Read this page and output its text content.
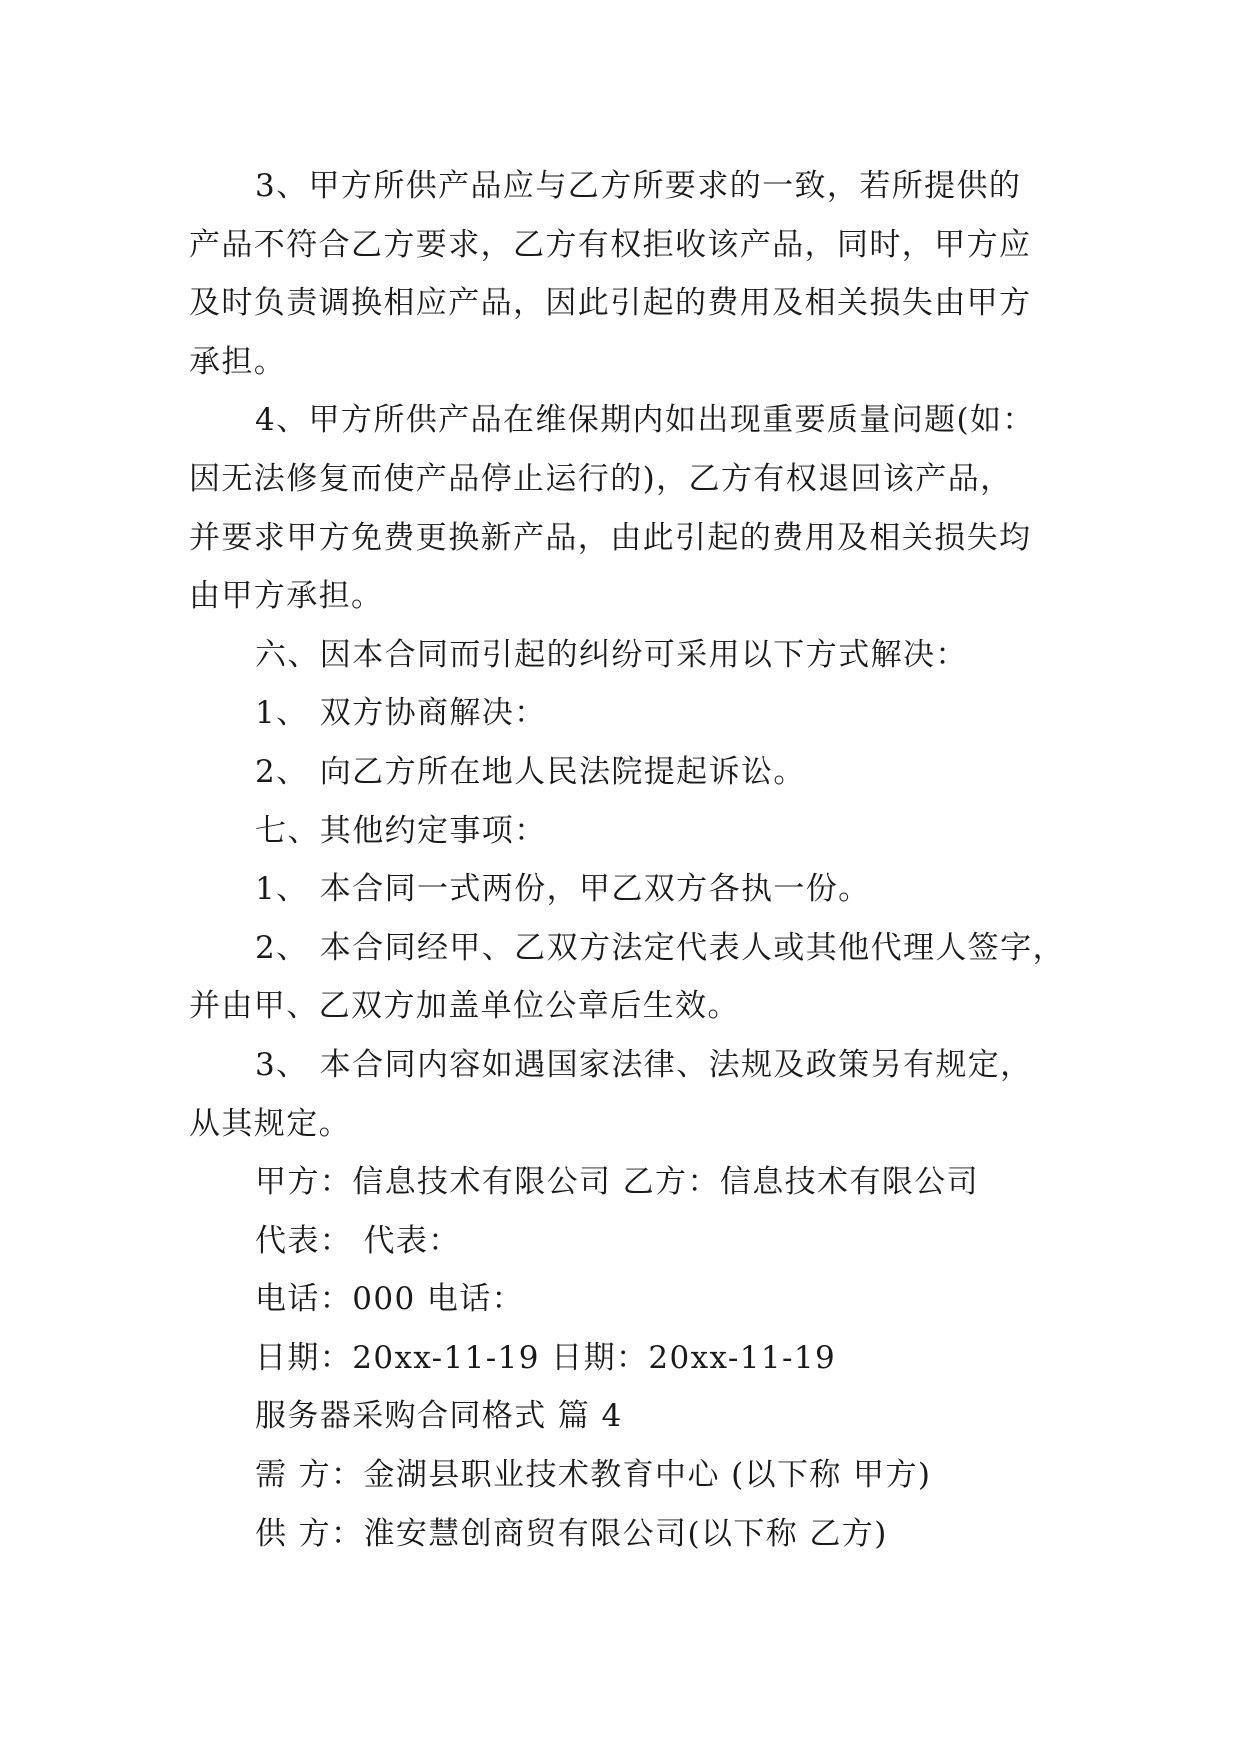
3、甲方所供产品应与乙方所要求的一致，若所提供的
产品不符合乙方要求，乙方有权拒收该产品，同时，甲方应
及时负责调换相应产品，因此引起的费用及相关损失由甲方
承担。
4、甲方所供产品在维保期内如出现重要质量问题(如：
因无法修复而使产品停止运行的)，乙方有权退回该产品，
并要求甲方免费更换新产品，由此引起的费用及相关损失均
由甲方承担。
六、因本合同而引起的纠纷可采用以下方式解决：
1、 双方协商解决：
2、 向乙方所在地人民法院提起诉讼。
七、其他约定事项：
1、 本合同一式两份，甲乙双方各执一份。
2、 本合同经甲、乙双方法定代表人或其他代理人签字，
并由甲、乙双方加盖单位公章后生效。
3、 本合同内容如遇国家法律、法规及政策另有规定，
从其规定。
甲方：信息技术有限公司 乙方：信息技术有限公司
代表： 代表：
电话：000 电话：
日期：20xx-11-19 日期：20xx-11-19
服务器采购合同格式 篇 4
需 方：金湖县职业技术教育中心 (以下称 甲方)
供 方：淮安慧创商贸有限公司(以下称 乙方)
